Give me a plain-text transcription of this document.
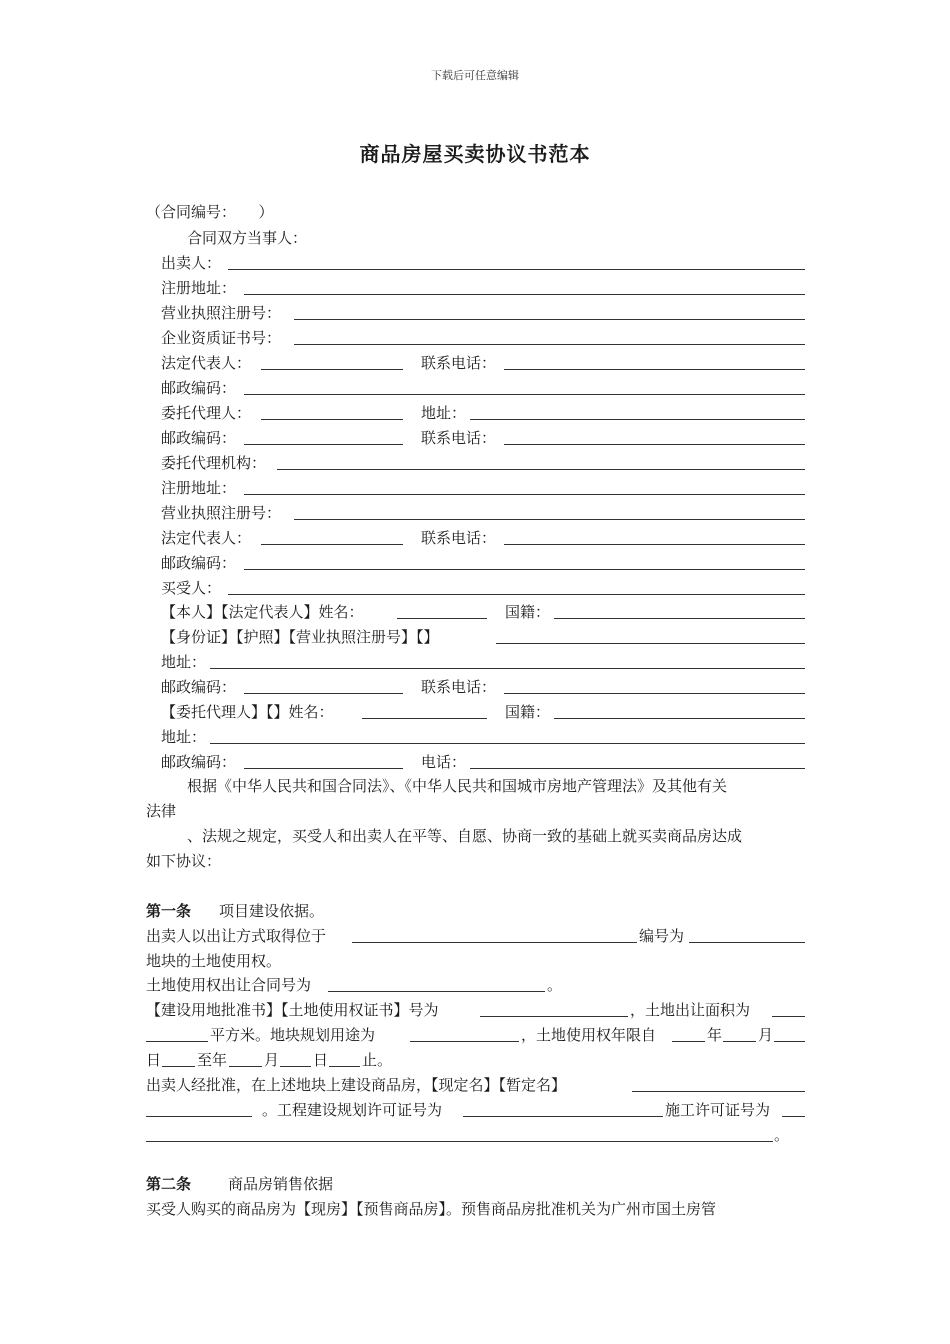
下载后可任意编辑
商品房屋买卖协议书范本
（合同编号：　　）
合同双方当事人：
出卖人：
注册地址：
营业执照注册号：
企业资质证书号：
法定代表人：	联系电话：
邮政编码：
委托代理人：	地址：
邮政编码：	联系电话：
委托代理机构：
注册地址：
营业执照注册号：
法定代表人：	联系电话：
邮政编码：
买受人：
【本人】【法定代表人】姓名：	国籍：
【身份证】【护照】【营业执照注册号】【】
地址：
邮政编码：	联系电话：
【委托代理人】【】姓名：	国籍：
地址：
邮政编码：	电话：
根据《中华人民共和国合同法》、《中华人民共和国城市房地产管理法》及其他有关
法律
、法规之规定，买受人和出卖人在平等、自愿、协商一致的基础上就买卖商品房达成
如下协议：
第一条 项目建设依据。
出卖人以出让方式取得位于	编号为
地块的土地使用权。
土地使用权出让合同号为	。
【建设用地批准书】【土地使用权证书】号为	，土地出让面积为
平方米。地块规划用途为	，土地使用权年限自	年 月
日 至年 月 日 止。
出卖人经批准，在上述地块上建设商品房，【现定名】【暂定名】
。工程建设规划许可证号为	施工许可证号为
。
第二条 商品房销售依据
买受人购买的商品房为【现房】【预售商品房】。预售商品房批准机关为广州市国土房管
